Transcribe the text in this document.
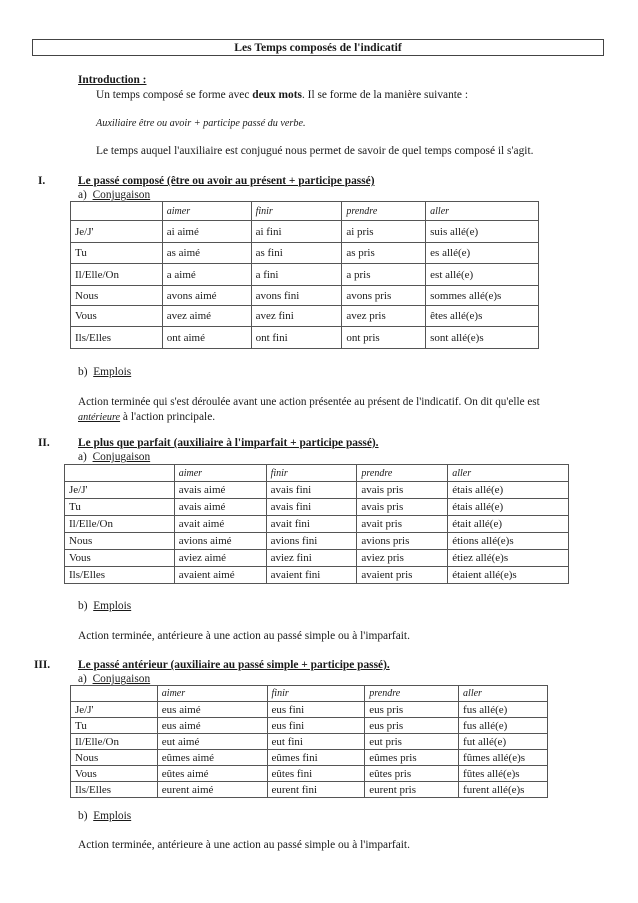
Les Temps composés de l'indicatif
Introduction :
Un temps composé se forme avec deux mots. Il se forme de la manière suivante :
Auxiliaire être ou avoir + participe passé du verbe.
Le temps auquel l'auxiliaire est conjugué nous permet de savoir de quel temps composé il s'agit.
I.	Le passé composé (être ou avoir au présent + participe passé)
a) Conjugaison
	aimer	finir	prendre	aller
Je/J'	ai aimé	ai fini	ai pris	suis allé(e)
Tu	as aimé	as fini	as pris	es allé(e)
Il/Elle/On	a aimé	a fini	a pris	est allé(e)
Nous	avons aimé	avons fini	avons pris	sommes allé(e)s
Vous	avez aimé	avez fini	avez pris	êtes allé(e)s
Ils/Elles	ont aimé	ont fini	ont pris	sont allé(e)s
b) Emplois
Action terminée qui s'est déroulée avant une action présentée au présent de l'indicatif. On dit qu'elle est
antérieure à l'action principale.
II. Le plus que parfait (auxiliaire à l'imparfait + participe passé).
a) Conjugaison
	aimer	finir	prendre	aller
Je/J'	avais aimé	avais fini	avais pris	étais allé(e)
Tu	avais aimé	avais fini	avais pris	étais allé(e)
Il/Elle/On	avait aimé	avait fini	avait pris	était allé(e)
Nous	avions aimé	avions fini	avions pris	étions allé(e)s
Vous	aviez aimé	aviez fini	aviez pris	étiez allé(e)s
Ils/Elles	avaient aimé	avaient fini	avaient pris	étaient allé(e)s
b) Emplois
Action terminée, antérieure à une action au passé simple ou à l'imparfait.
III. Le passé antérieur (auxiliaire au passé simple + participe passé).
a) Conjugaison
	aimer	finir	prendre	aller
Je/J'	eus aimé	eus fini	eus pris	fus allé(e)
Tu	eus aimé	eus fini	eus pris	fus allé(e)
Il/Elle/On	eut aimé	eut fini	eut pris	fut allé(e)
Nous	eûmes aimé	eûmes fini	eûmes pris	fûmes allé(e)s
Vous	eûtes aimé	eûtes fini	eûtes pris	fûtes allé(e)s
Ils/Elles	eurent aimé	eurent fini	eurent pris	furent allé(e)s
b) Emplois
Action terminée, antérieure à une action au passé simple ou à l'imparfait.
